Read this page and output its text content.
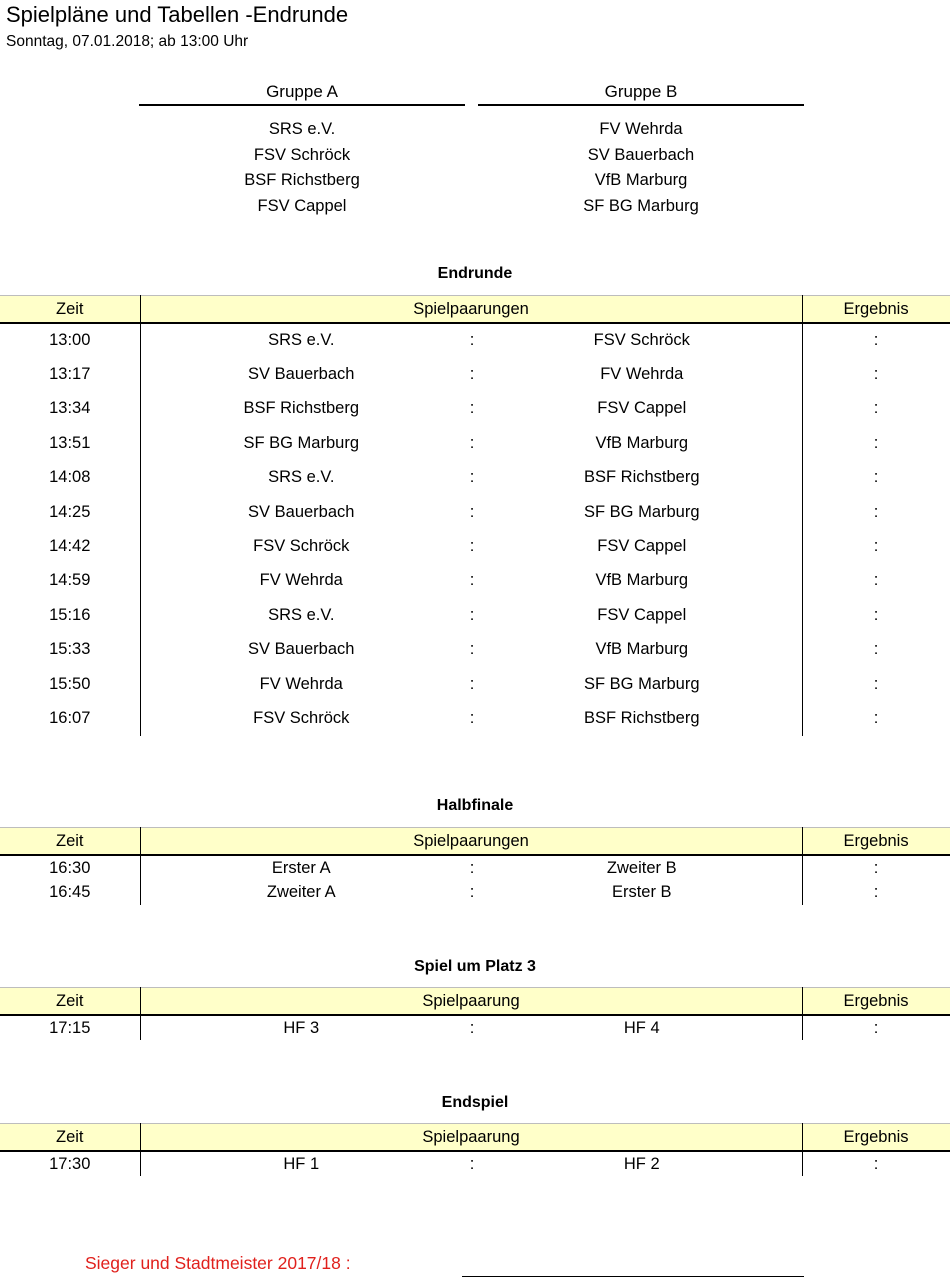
Spielpläne und Tabellen -Endrunde
Sonntag, 07.01.2018; ab 13:00 Uhr
Gruppe A
SRS e.V.
FSV Schröck
BSF Richstberg
FSV Cappel
Gruppe B
FV Wehrda
SV Bauerbach
VfB Marburg
SF BG Marburg
Endrunde
Zeit	Spielpaarungen			Ergebnis
13:00	SRS e.V.	:	FSV Schröck	:
13:17	SV Bauerbach	:	FV Wehrda	:
13:34	BSF Richstberg	:	FSV Cappel	:
13:51	SF BG Marburg	:	VfB Marburg	:
14:08	SRS e.V.	:	BSF Richstberg	:
14:25	SV Bauerbach	:	SF BG Marburg	:
14:42	FSV Schröck	:	FSV Cappel	:
14:59	FV Wehrda	:	VfB Marburg	:
15:16	SRS e.V.	:	FSV Cappel	:
15:33	SV Bauerbach	:	VfB Marburg	:
15:50	FV Wehrda	:	SF BG Marburg	:
16:07	FSV Schröck	:	BSF Richstberg	:
Halbfinale
Zeit	Spielpaarungen			Ergebnis
16:30	Erster A	:	Zweiter B	:
16:45	Zweiter A	:	Erster B	:
Spiel um Platz 3
Zeit	Spielpaarung			Ergebnis
17:15	HF 3	:	HF 4	:
Endspiel
Zeit	Spielpaarung			Ergebnis
17:30	HF 1	:	HF 2	:
Sieger und Stadtmeister 2017/18 :
